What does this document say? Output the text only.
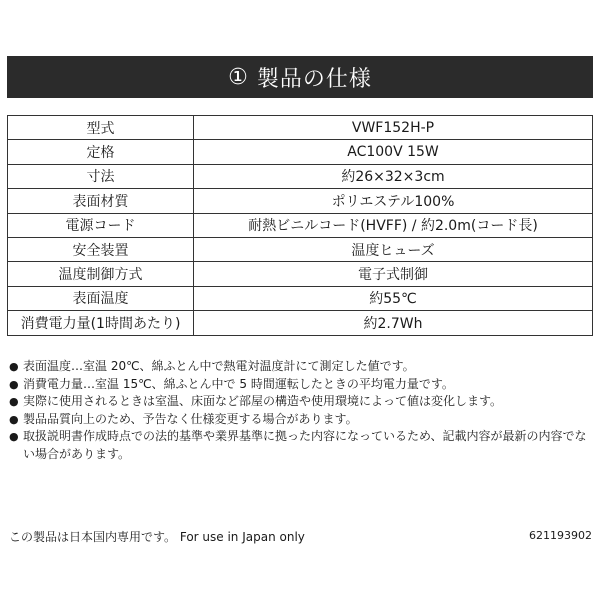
① 製品の仕様
型式	VWF152H-P
定格	AC100V 15W
寸法	約26×32×3cm
表面材質	ポリエステル100%
電源コード	耐熱ビニルコード(HVFF) / 約2.0m(コード長)
安全装置	温度ヒューズ
温度制御方式	電子式制御
表面温度	約55℃
消費電力量(1時間あたり)	約2.7Wh
● 表面温度…室温 20℃、綿ふとん中で熱電対温度計にて測定した値です。
● 消費電力量…室温 15℃、綿ふとん中で 5 時間運転したときの平均電力量です。
● 実際に使用されるときは室温、床面など部屋の構造や使用環境によって値は変化します。
● 製品品質向上のため、予告なく仕様変更する場合があります。
● 取扱説明書作成時点での法的基準や業界基準に拠った内容になっているため、記載内容が最新の内容でない場合があります。
この製品は日本国内専用です。 For use in Japan only	621193902
